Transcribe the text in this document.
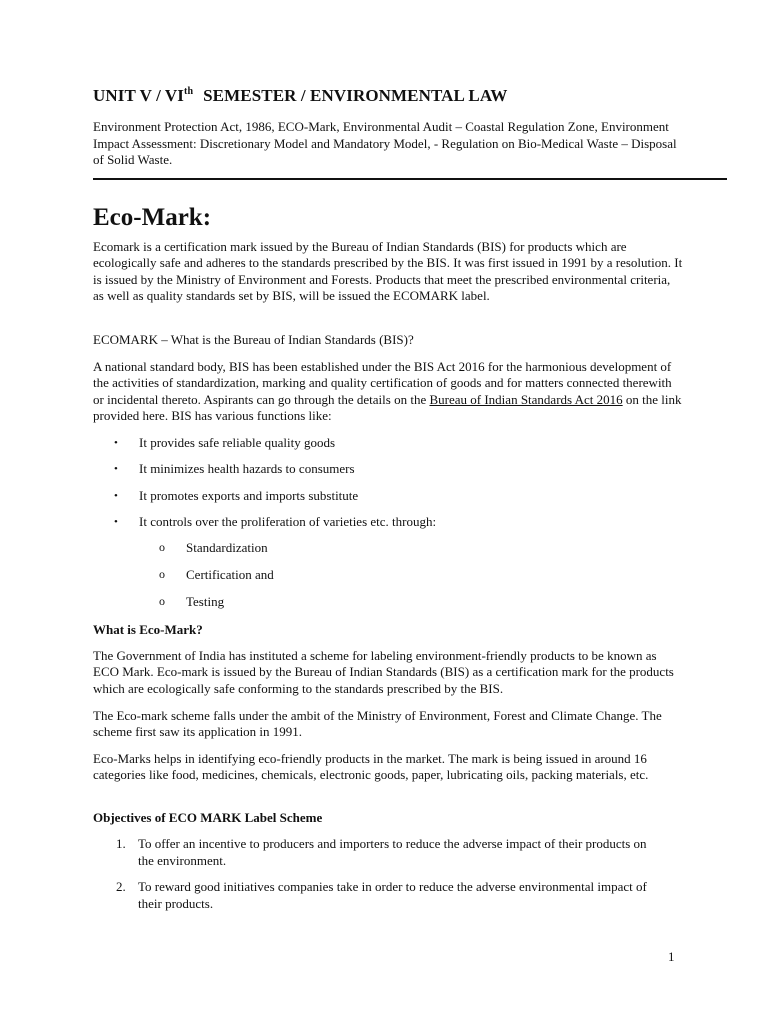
UNIT V / VIth SEMESTER / ENVIRONMENTAL LAW

Environment Protection Act, 1986, ECO-Mark, Environmental Audit – Coastal Regulation Zone, Environment Impact Assessment: Discretionary Model and Mandatory Model, - Regulation on Bio-Medical Waste – Disposal of Solid Waste.

Eco-Mark:

Ecomark is a certification mark issued by the Bureau of Indian Standards (BIS) for products which are ecologically safe and adheres to the standards prescribed by the BIS. It was first issued in 1991 by a resolution. It is issued by the Ministry of Environment and Forests. Products that meet the prescribed environmental criteria, as well as quality standards set by BIS, will be issued the ECOMARK label.

ECOMARK – What is the Bureau of Indian Standards (BIS)?

A national standard body, BIS has been established under the BIS Act 2016 for the harmonious development of the activities of standardization, marking and quality certification of goods and for matters connected therewith or incidental thereto. Aspirants can go through the details on the Bureau of Indian Standards Act 2016 on the link provided here. BIS has various functions like:

• It provides safe reliable quality goods
• It minimizes health hazards to consumers
• It promotes exports and imports substitute
• It controls over the proliferation of varieties etc. through:
o Standardization
o Certification and
o Testing
What is Eco-Mark?

The Government of India has instituted a scheme for labeling environment-friendly products to be known as ECO Mark. Eco-mark is issued by the Bureau of Indian Standards (BIS) as a certification mark for the products which are ecologically safe conforming to the standards prescribed by the BIS.

The Eco-mark scheme falls under the ambit of the Ministry of Environment, Forest and Climate Change. The scheme first saw its application in 1991.

Eco-Marks helps in identifying eco-friendly products in the market. The mark is being issued in around 16 categories like food, medicines, chemicals, electronic goods, paper, lubricating oils, packing materials, etc.

Objectives of ECO MARK Label Scheme
1. To offer an incentive to producers and importers to reduce the adverse impact of their products on the environment.
2. To reward good initiatives companies take in order to reduce the adverse environmental impact of their products.
1
